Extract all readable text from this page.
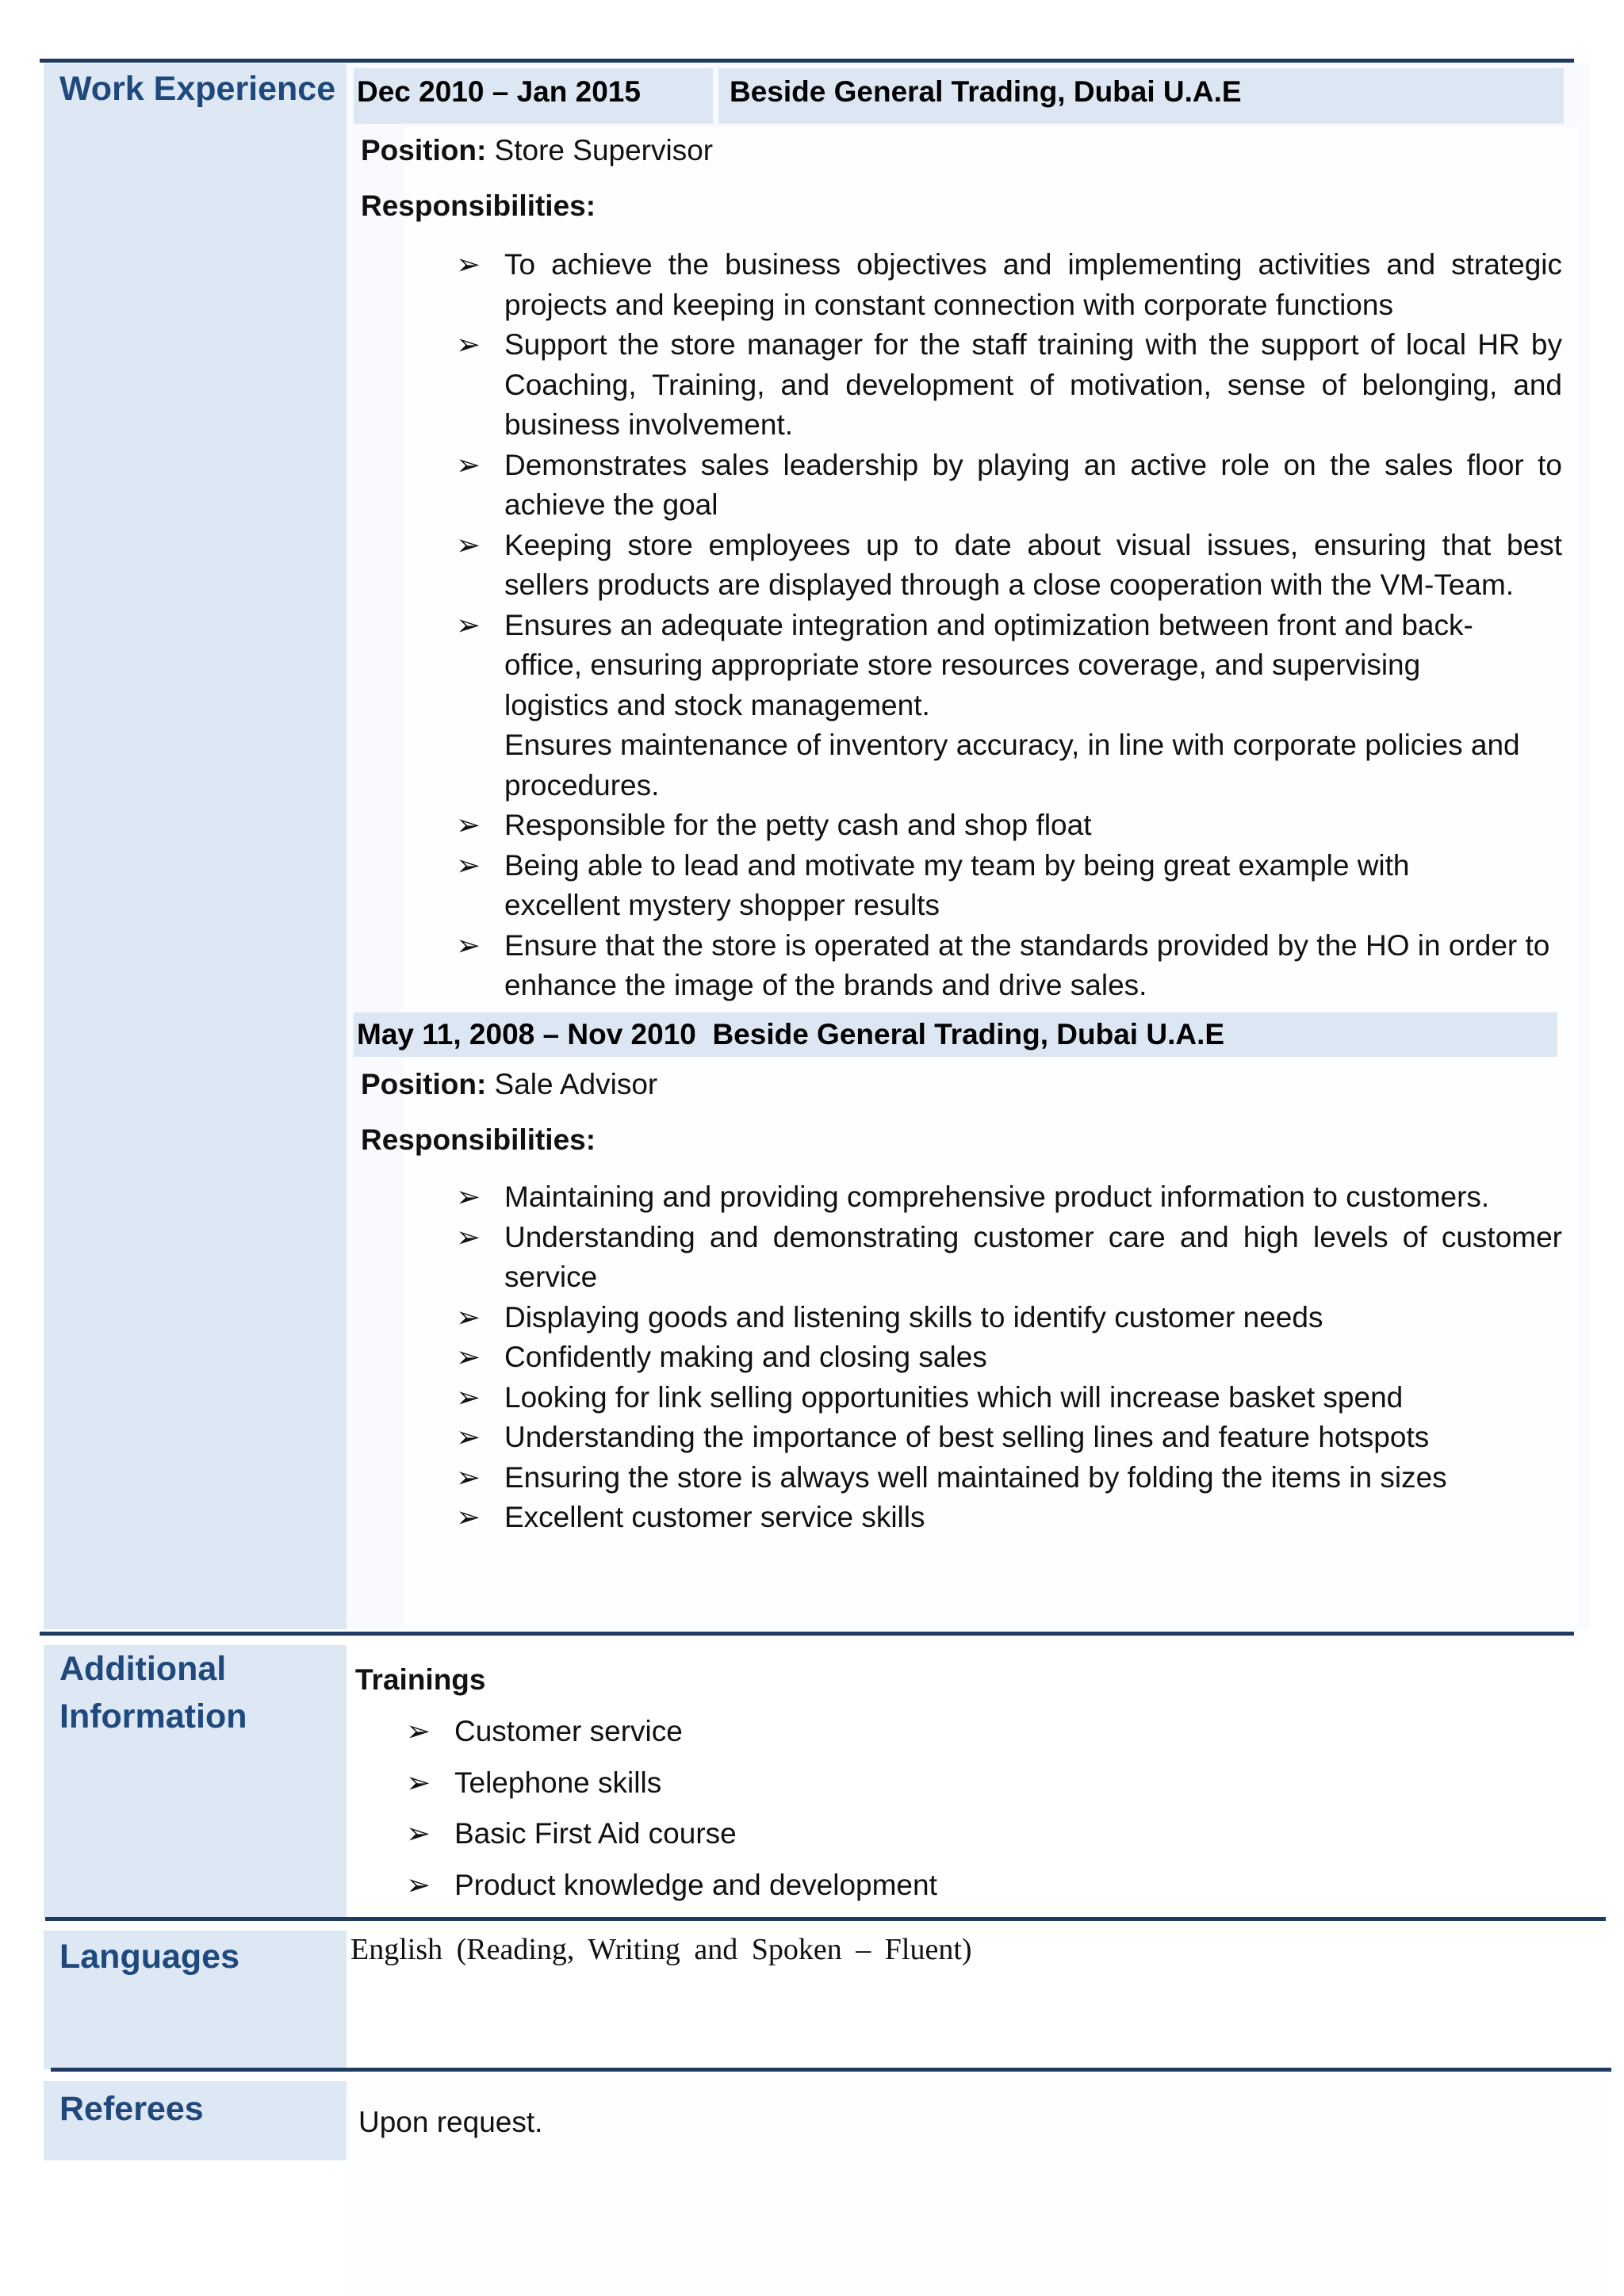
Work Experience
Additional
Information
Languages
Referees
Dec 2010 – Jan 2015	Beside General Trading, Dubai U.A.E
Position: Store Supervisor
Responsibilities:
➢ To achieve the business objectives and implementing activities and strategic projects and keeping in constant connection with corporate functions
➢ Support the store manager for the staff training with the support of local HR by Coaching, Training, and development of motivation, sense of belonging, and business involvement.
➢ Demonstrates sales leadership by playing an active role on the sales floor to achieve the goal
➢ Keeping store employees up to date about visual issues, ensuring that best sellers products are displayed through a close cooperation with the VM-Team.
➢ Ensures an adequate integration and optimization between front and back-office, ensuring appropriate store resources coverage, and supervising logistics and stock management.
Ensures maintenance of inventory accuracy, in line with corporate policies and procedures.
➢ Responsible for the petty cash and shop float
➢ Being able to lead and motivate my team by being great example with excellent mystery shopper results
➢ Ensure that the store is operated at the standards provided by the HO in order to enhance the image of the brands and drive sales.
May 11, 2008 – Nov 2010 Beside General Trading, Dubai U.A.E
Position: Sale Advisor
Responsibilities:
➢ Maintaining and providing comprehensive product information to customers.
➢ Understanding and demonstrating customer care and high levels of customer service
➢ Displaying goods and listening skills to identify customer needs
➢ Confidently making and closing sales
➢ Looking for link selling opportunities which will increase basket spend
➢ Understanding the importance of best selling lines and feature hotspots
➢ Ensuring the store is always well maintained by folding the items in sizes
➢ Excellent customer service skills
Trainings
➢ Customer service
➢ Telephone skills
➢ Basic First Aid course
➢ Product knowledge and development
English (Reading, Writing and Spoken – Fluent)
Upon request.
